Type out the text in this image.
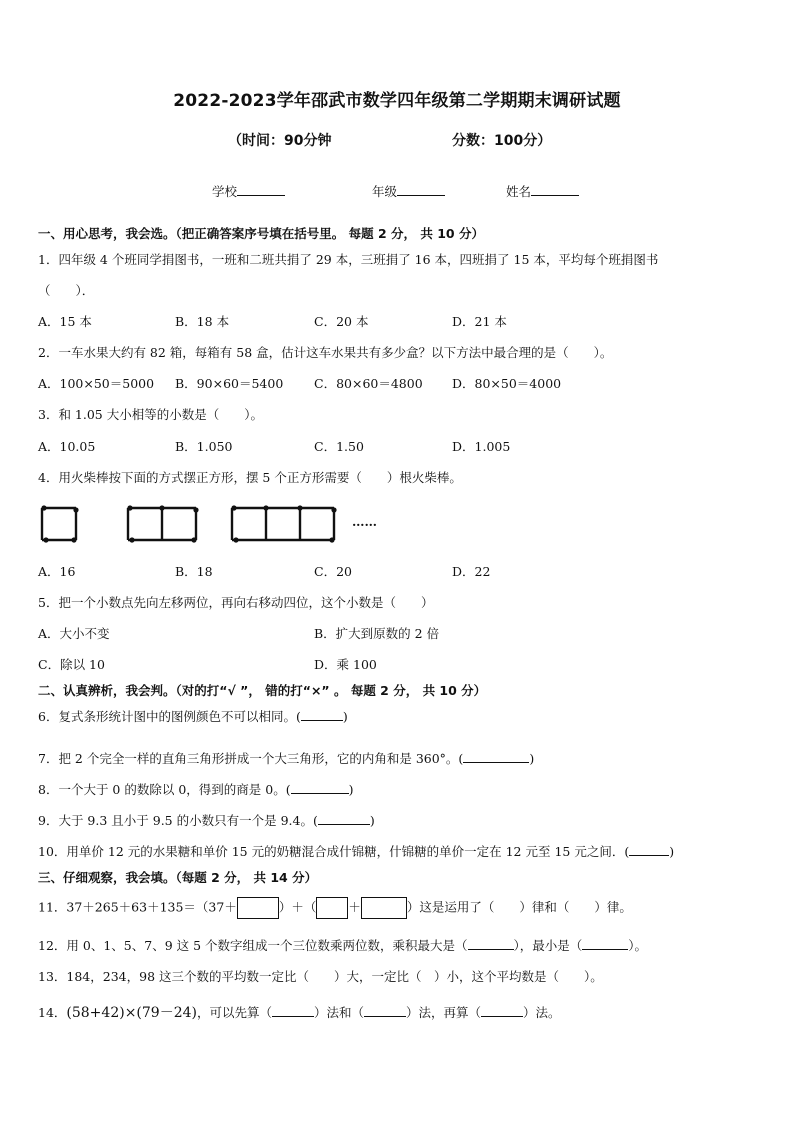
2022-2023学年邵武市数学四年级第二学期期末调研试题
（时间：90分钟	分数：100分）
学校	年级	姓名
一、用心思考，我会选。（把正确答案序号填在括号里。 每题 2 分， 共 10 分）
1．四年级 4 个班同学捐图书，一班和二班共捐了 29 本，三班捐了 16 本，四班捐了 15 本，平均每个班捐图书
（　　）．
A．15 本	B．18 本	C．20 本	D．21 本
2．一车水果大约有 82 箱，每箱有 58 盒，估计这车水果共有多少盒？以下方法中最合理的是（　　）。
A．100×50＝5000 B．90×60＝5400 C．80×60＝4800 D．80×50＝4000
3．和 1.05 大小相等的小数是（　　）。
A．10.05	B．1.050	C．1.50	D．1.005
4．用火柴棒按下面的方式摆正方形，摆 5 个正方形需要（　　）根火柴棒。
……
A．16	B．18	C．20	D．22
5．把一个小数点先向左移两位，再向右移动四位，这个小数是（　　）
A．大小不变	B．扩大到原数的 2 倍
C．除以 10	D．乘 100
二、认真辨析，我会判。（对的打“√ ”， 错的打“×” 。 每题 2 分， 共 10 分）
6．复式条形统计图中的图例颜色不可以相同。(	)
7．把 2 个完全一样的直角三角形拼成一个大三角形，它的内角和是 360°。(	)
8．一个大于 0 的数除以 0，得到的商是 0。(	)
9．大于 9.3 且小于 9.5 的小数只有一个是 9.4。(	)
10．用单价 12 元的水果糖和单价 15 元的奶糖混合成什锦糖，什锦糖的单价一定在 12 元至 15 元之间．(	)
三、仔细观察，我会填。（每题 2 分， 共 14 分）
11．37＋265＋63＋135＝（37＋	）＋（	＋	）这是运用了（　　）律和（　　）律。
12．用 0、1、5、7、9 这 5 个数字组成一个三位数乘两位数，乘积最大是（	），最小是（	）。
13．184，234，98 这三个数的平均数一定比（　　）大，一定比（　）小，这个平均数是（　　）。
14．(58+42)×(79－24)，可以先算（	）法和（	）法，再算（	）法。
